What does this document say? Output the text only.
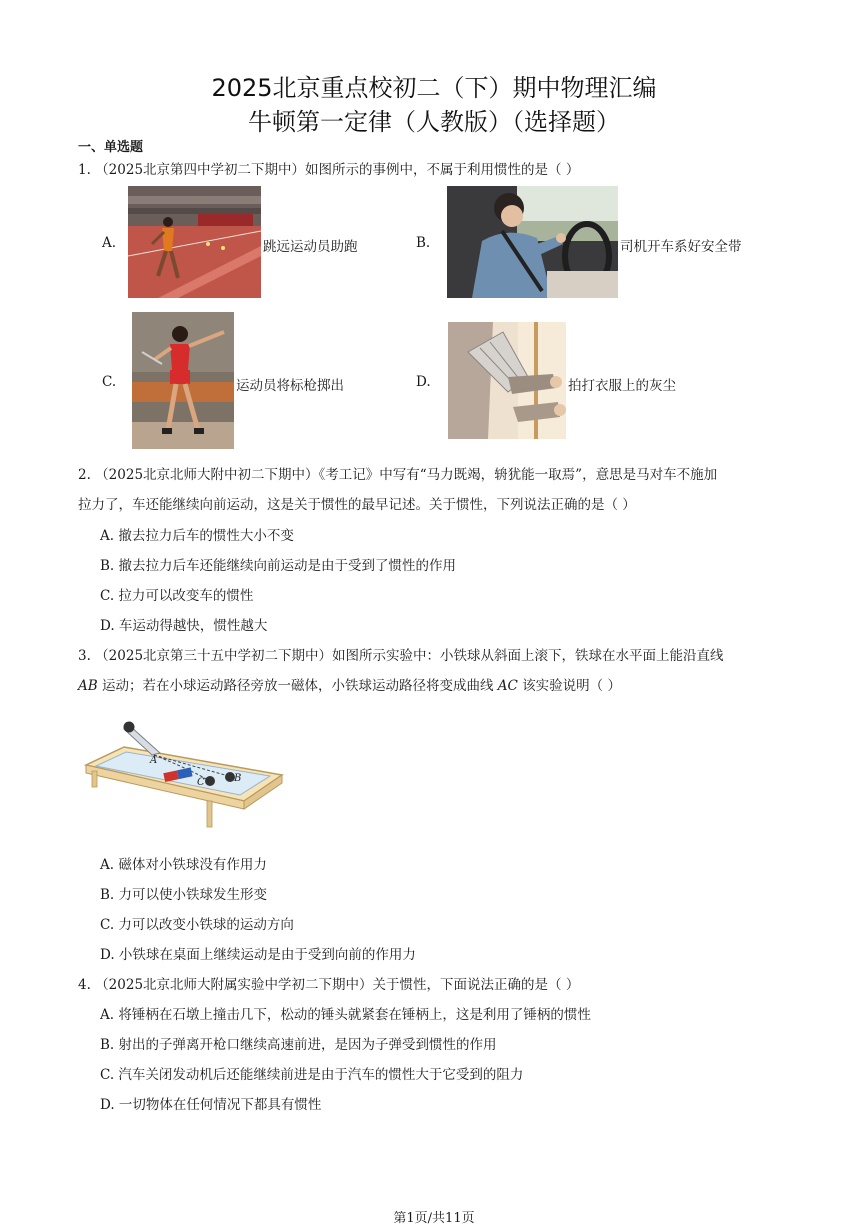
2025北京重点校初二（下）期中物理汇编
牛顿第一定律（人教版）（选择题）
一、单选题
1. （2025北京第四中学初二下期中）如图所示的事例中，不属于利用惯性的是（ ）
A.	跳远运动员助跑	B.	司机开车系好安全带
C.	运动员将标枪掷出	D.	拍打衣服上的灰尘
2. （2025北京北师大附中初二下期中）《考工记》中写有“马力既竭，辀犹能一取焉”，意思是马对车不施加
拉力了，车还能继续向前运动，这是关于惯性的最早记述。关于惯性，下列说法正确的是（ ）
A. 撤去拉力后车的惯性大小不变
B. 撤去拉力后车还能继续向前运动是由于受到了惯性的作用
C. 拉力可以改变车的惯性
D. 车运动得越快，惯性越大
3. （2025北京第三十五中学初二下期中）如图所示实验中：小铁球从斜面上滚下，铁球在水平面上能沿直线
AB 运动；若在小球运动路径旁放一磁体，小铁球运动路径将变成曲线 AC 该实验说明（ ）
A
B
C
A. 磁体对小铁球没有作用力
B. 力可以使小铁球发生形变
C. 力可以改变小铁球的运动方向
D. 小铁球在桌面上继续运动是由于受到向前的作用力
4. （2025北京北师大附属实验中学初二下期中）关于惯性，下面说法正确的是（ ）
A. 将锤柄在石墩上撞击几下，松动的锤头就紧套在锤柄上，这是利用了锤柄的惯性
B. 射出的子弹离开枪口继续高速前进，是因为子弹受到惯性的作用
C. 汽车关闭发动机后还能继续前进是由于汽车的惯性大于它受到的阻力
D. 一切物体在任何情况下都具有惯性
第1页/共11页
